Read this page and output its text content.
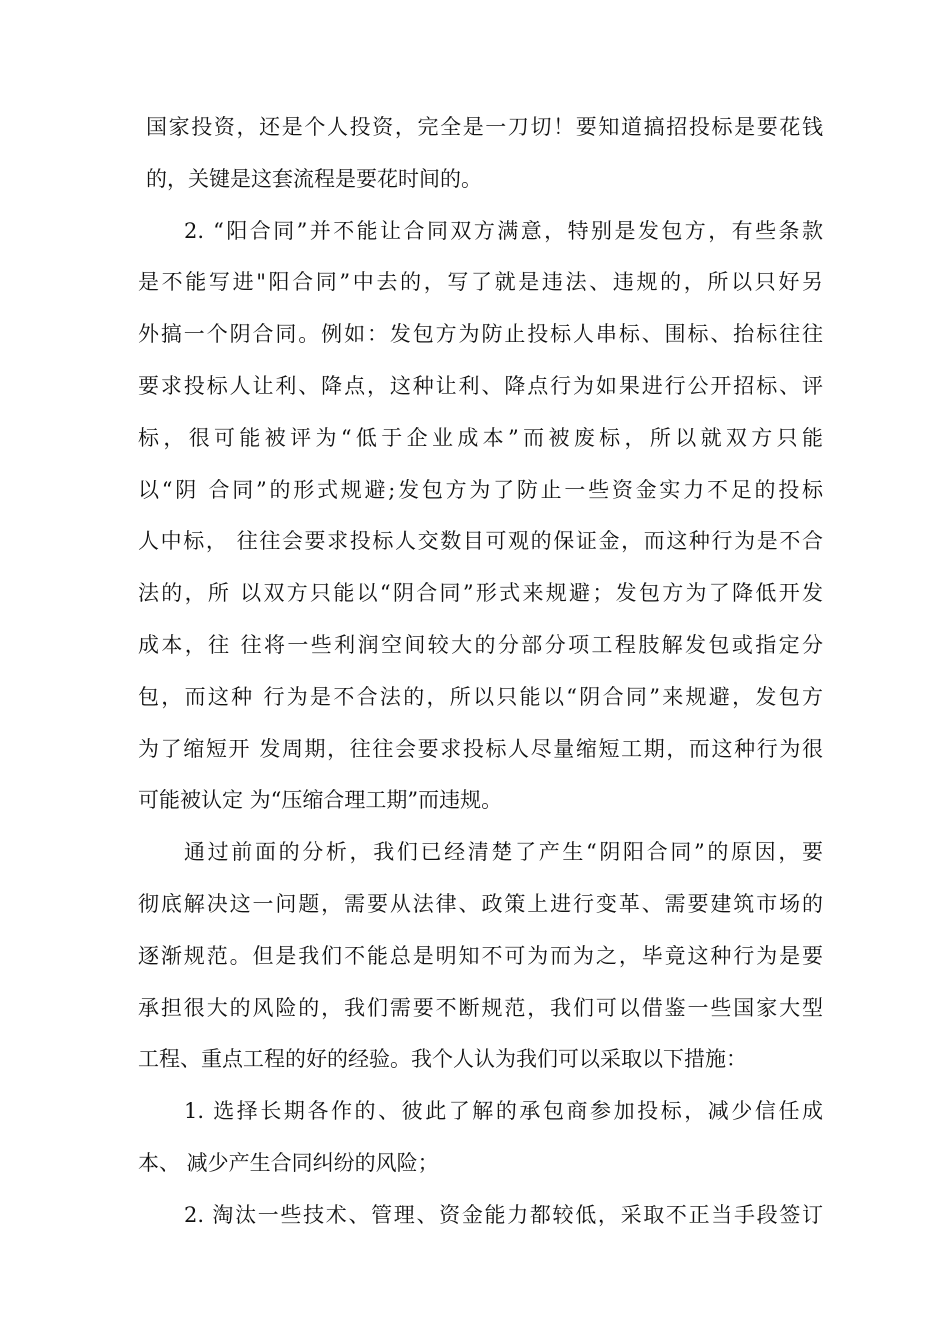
国家投资，还是个人投资，完全是一刀切！要知道搞招投标是要花钱
的，关键是这套流程是要花时间的。
2. “阳合同”并不能让合同双方满意，特别是发包方，有些条款
是不能写进"阳合同”中去的，写了就是违法、违规的，所以只好另
外搞一个阴合同。例如：发包方为防止投标人串标、围标、抬标往往
要求投标人让利、降点，这种让利、降点行为如果进行公开招标、评
标，很可能被评为“低于企业成本”而被废标，所以就双方只能
以“阴 合同”的形式规避;发包方为了防止一些资金实力不足的投标
人中标， 往往会要求投标人交数目可观的保证金，而这种行为是不合
法的，所 以双方只能以“阴合同”形式来规避；发包方为了降低开发
成本，往 往将一些利润空间较大的分部分项工程肢解发包或指定分
包，而这种 行为是不合法的，所以只能以“阴合同”来规避，发包方
为了缩短开 发周期，往往会要求投标人尽量缩短工期，而这种行为很
可能被认定 为“压缩合理工期”而违规。
通过前面的分析，我们已经清楚了产生“阴阳合同”的原因，要
彻底解决这一问题，需要从法律、政策上进行变革、需要建筑市场的
逐渐规范。但是我们不能总是明知不可为而为之，毕竟这种行为是要
承担很大的风险的，我们需要不断规范，我们可以借鉴一些国家大型
工程、重点工程的好的经验。我个人认为我们可以采取以下措施：
1. 选择长期各作的、彼此了解的承包商参加投标，减少信任成
本、 减少产生合同纠纷的风险；
2. 淘汰一些技术、管理、资金能力都较低，采取不正当手段签订
